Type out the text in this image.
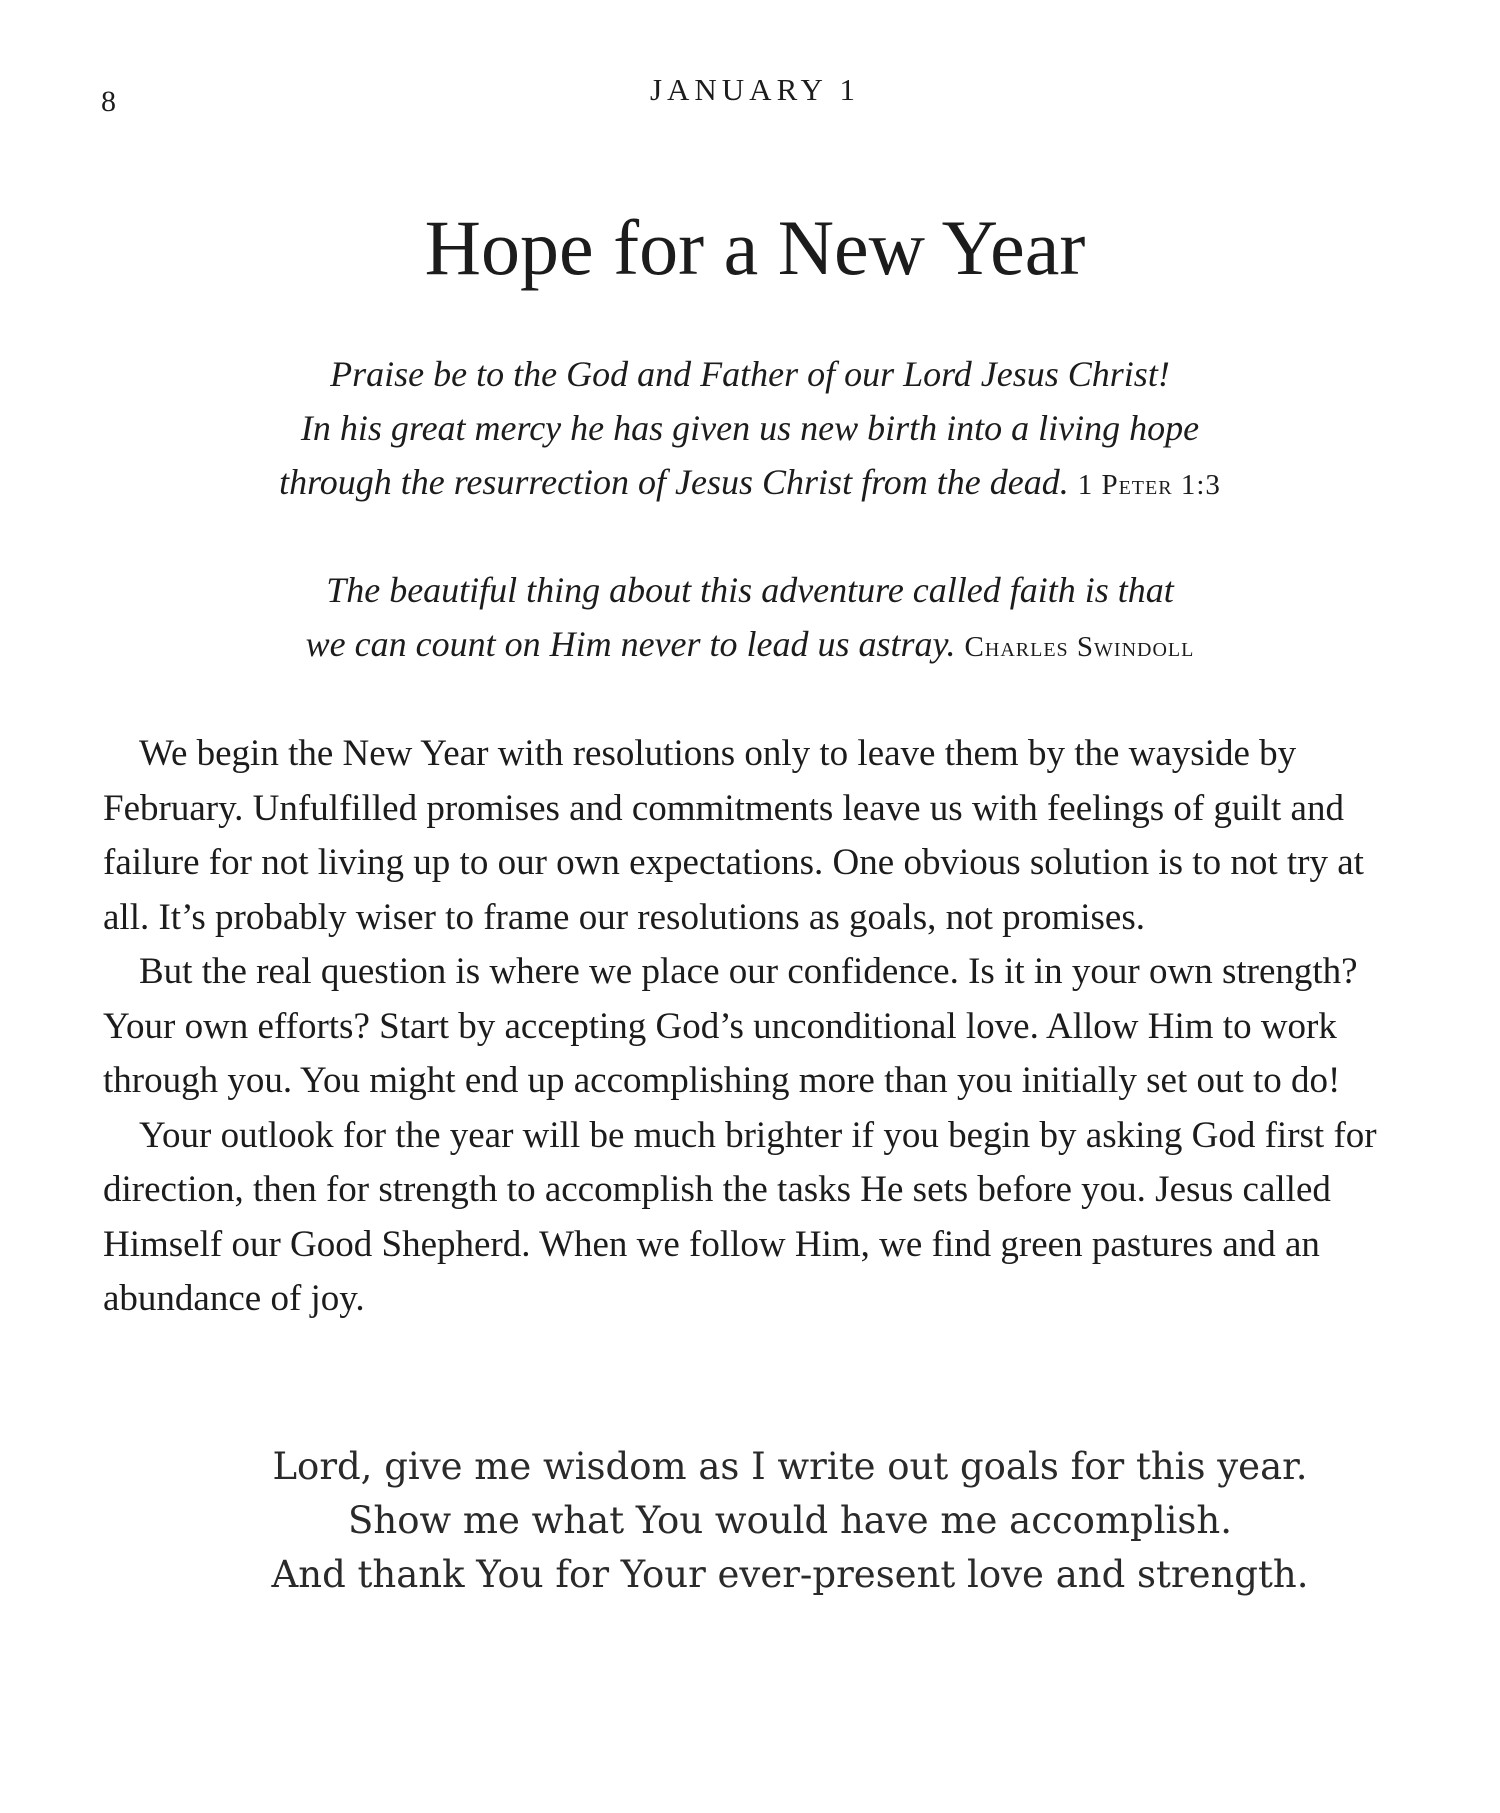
8	JANUARY 1
Hope for a New Year
Praise be to the God and Father of our Lord Jesus Christ!
In his great mercy he has given us new birth into a living hope
through the resurrection of Jesus Christ from the dead. 1 Peter 1:3
The beautiful thing about this adventure called faith is that
we can count on Him never to lead us astray. Charles Swindoll

We begin the New Year with resolutions only to leave them by the wayside by February. Unfulfilled promises and commitments leave us with feelings of guilt and failure for not living up to our own expectations. One obvious solution is to not try at all. It’s probably wiser to frame our resolutions as goals, not promises.

But the real question is where we place our confidence. Is it in your own strength? Your own efforts? Start by accepting God’s unconditional love. Allow Him to work through you. You might end up accomplishing more than you initially set out to do!

Your outlook for the year will be much brighter if you begin by asking God first for direction, then for strength to accomplish the tasks He sets before you. Jesus called Himself our Good Shepherd. When we follow Him, we find green pastures and an abundance of joy.

Lord, give me wisdom as I write out goals for this year.
Show me what You would have me accomplish.
And thank You for Your ever-present love and strength.
